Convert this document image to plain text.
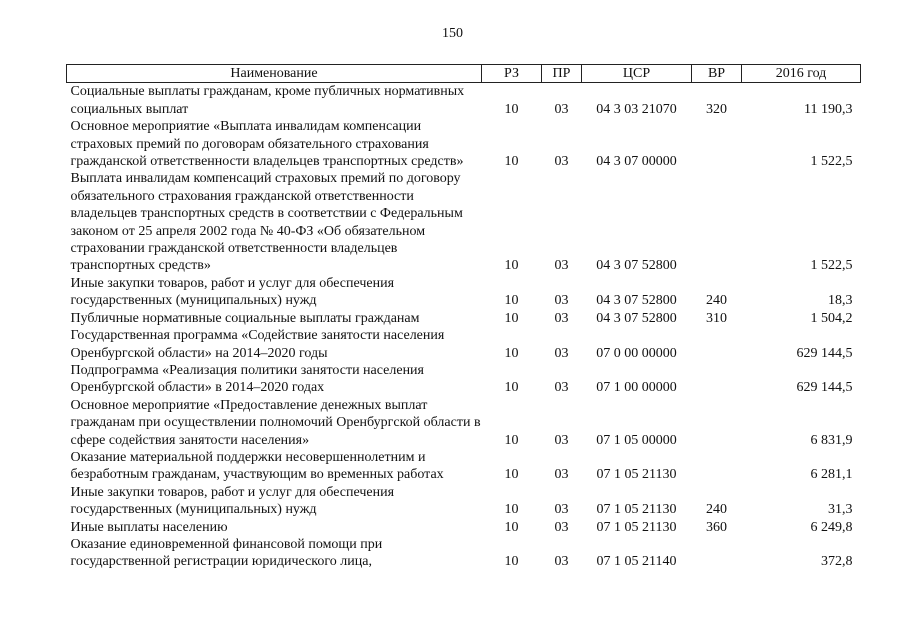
150
Наименование	РЗ	ПР	ЦСР	ВР	2016 год
Социальные выплаты гражданам, кроме публичных нормативных социальных выплат	10	03	04 3 03 21070	320	11 190,3
Основное мероприятие «Выплата инвалидам компенсации страховых премий по договорам обязательного страхования гражданской ответственности владельцев транспортных средств»	10	03	04 3 07 00000		1 522,5
Выплата инвалидам компенсаций страховых премий по договору обязательного страхования гражданской ответственности владельцев транспортных средств в соответствии с Федеральным законом от 25 апреля 2002 года № 40-ФЗ «Об обязательном страховании гражданской ответственности владельцев транспортных средств»	10	03	04 3 07 52800		1 522,5
Иные закупки товаров, работ и услуг для обеспечения государственных (муниципальных) нужд	10	03	04 3 07 52800	240	18,3
Публичные нормативные социальные выплаты гражданам	10	03	04 3 07 52800	310	1 504,2
Государственная программа «Содействие занятости населения Оренбургской области» на 2014–2020 годы	10	03	07 0 00 00000		629 144,5
Подпрограмма «Реализация политики занятости населения Оренбургской области» в 2014–2020 годах	10	03	07 1 00 00000		629 144,5
Основное мероприятие «Предоставление денежных выплат гражданам при осуществлении полномочий Оренбургской области в сфере содействия занятости населения»	10	03	07 1 05 00000		6 831,9
Оказание материальной поддержки несовершеннолетним и безработным гражданам, участвующим во временных работах	10	03	07 1 05 21130		6 281,1
Иные закупки товаров, работ и услуг для обеспечения государственных (муниципальных) нужд	10	03	07 1 05 21130	240	31,3
Иные выплаты населению	10	03	07 1 05 21130	360	6 249,8
Оказание единовременной финансовой помощи при государственной регистрации юридического лица,	10	03	07 1 05 21140		372,8
